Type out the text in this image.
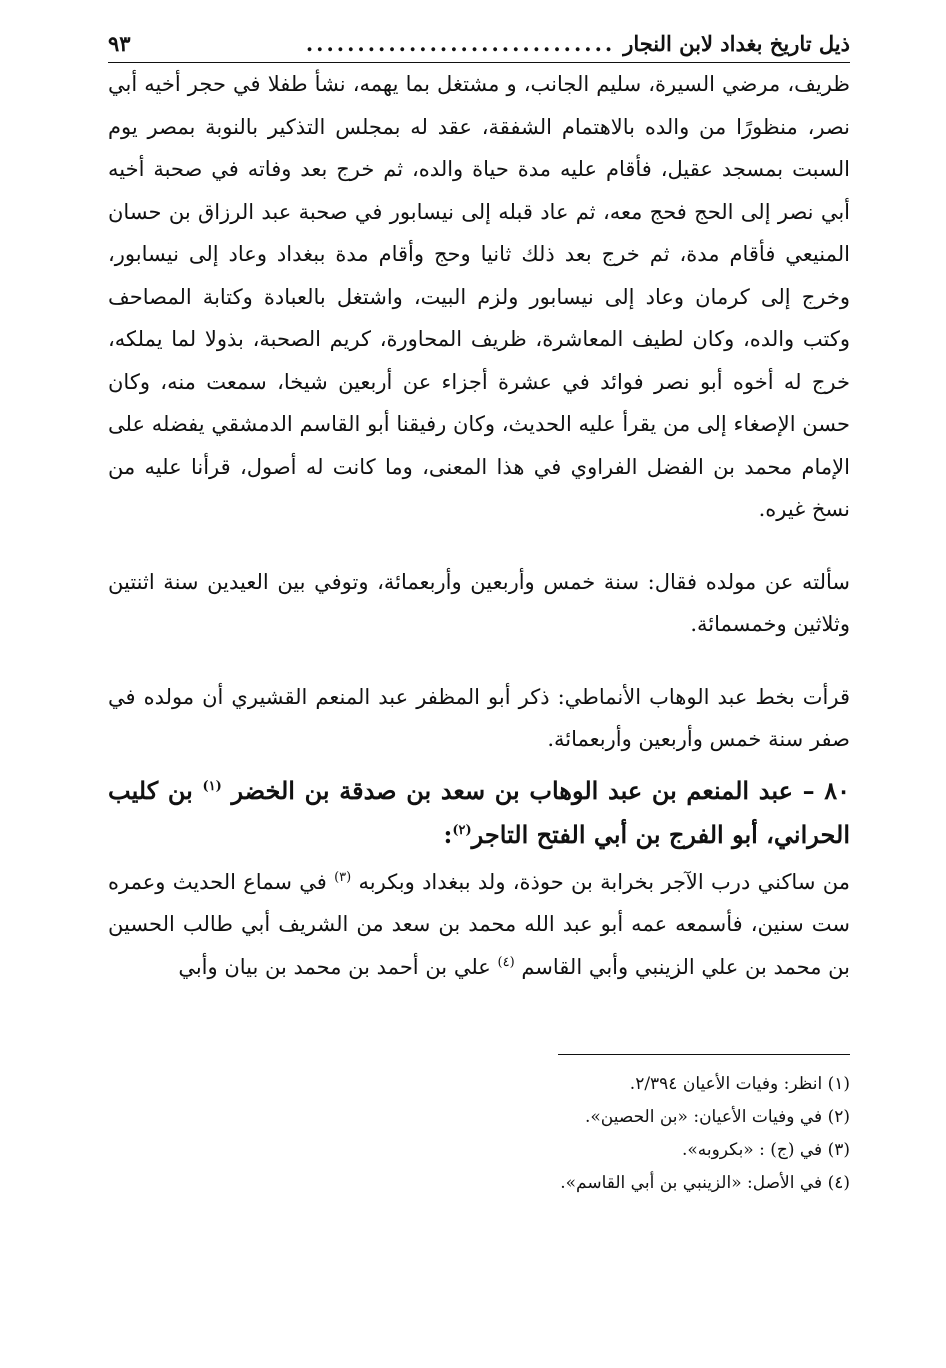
ذيل تاريخ بغداد لابن النجار
..............................
٩٣

ظريف، مرضي السيرة، سليم الجانب، و مشتغل بما يهمه، نشأ طفلا في حجر أخيه أبي نصر، منظورًا من والده بالاهتمام الشفقة، عقد له بمجلس التذكير بالنوبة بمصر يوم السبت بمسجد عقيل، فأقام عليه مدة حياة والده، ثم خرج بعد وفاته في صحبة أخيه أبي نصر إلى الحج فحج معه، ثم عاد قبله إلى نيسابور في صحبة عبد الرزاق بن حسان المنيعي فأقام مدة، ثم خرج بعد ذلك ثانيا وحج وأقام مدة ببغداد وعاد إلى نيسابور، وخرج إلى كرمان وعاد إلى نيسابور ولزم البيت، واشتغل بالعبادة وكتابة المصاحف وكتب والده، وكان لطيف المعاشرة، ظريف المحاورة، كريم الصحبة، بذولا لما يملكه، خرج له أخوه أبو نصر فوائد في عشرة أجزاء عن أربعين شيخا، سمعت منه، وكان حسن الإصغاء إلى من يقرأ عليه الحديث، وكان رفيقنا أبو القاسم الدمشقي يفضله على الإمام محمد بن الفضل الفراوي في هذا المعنى، وما كانت له أصول، قرأنا عليه من نسخ غيره.

سألته عن مولده فقال: سنة خمس وأربعين وأربعمائة، وتوفي بين العيدين سنة اثنتين وثلاثين وخمسمائة.

قرأت بخط عبد الوهاب الأنماطي: ذكر أبو المظفر عبد المنعم القشيري أن مولده في صفر سنة خمس وأربعين وأربعمائة.

٨٠ – عبد المنعم بن عبد الوهاب بن سعد بن صدقة بن الخضر $^{(١)}$ بن كليب الحراني، أبو الفرج بن أبي الفتح التاجر$^{(٢)}$:

من ساكني درب الآجر بخرابة بن حوذة، ولد ببغداد وبكربه $^{(٣)}$ في سماع الحديث وعمره ست سنين، فأسمعه عمه أبو عبد الله محمد بن سعد من الشريف أبي طالب الحسين بن محمد بن علي الزينبي وأبي القاسم $^{(٤)}$ علي بن أحمد بن محمد بن بيان وأبي

(١) انظر: وفيات الأعيان ٢/٣٩٤.

(٢) في وفيات الأعيان: «بن الحصين».

(٣) في (ج) : «بكروبه».

(٤) في الأصل: «الزينبي بن أبي القاسم».
